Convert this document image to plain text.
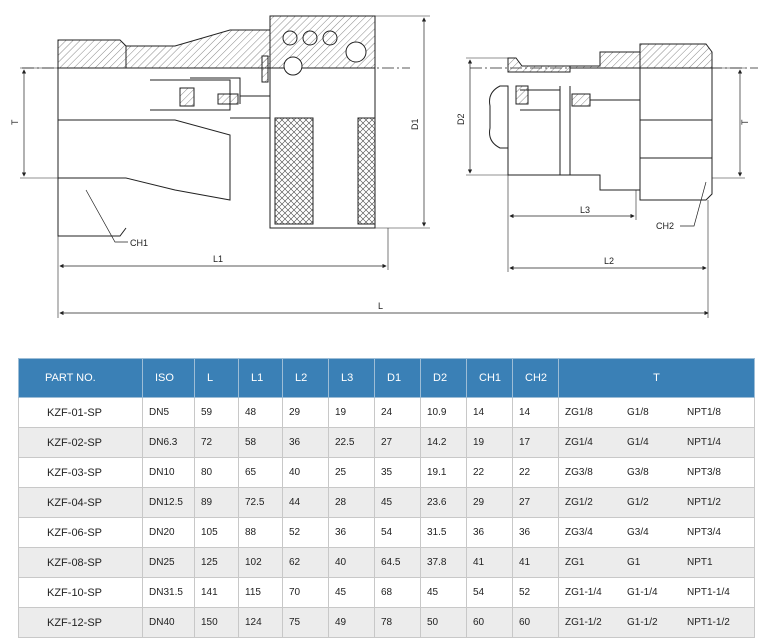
T	D1
CH1
L1
L
D2	T
L3
CH2
L2
PART NO.	ISO	L	L1	L2	L3	D1	D2	CH1	CH2	T
KZF-01-SP	DN5	59	48	29	19	24	10.9	14	14	ZG1/8 G1/8 NPT1/8

KZF-02-SP	DN6.3	72	58	36	22.5	27	14.2	19	17	ZG1/4 G1/4 NPT1/4

KZF-03-SP	DN10	80	65	40	25	35	19.1	22	22	ZG3/8 G3/8 NPT3/8

KZF-04-SP	DN12.5	89	72.5	44	28	45	23.6	29	27	ZG1/2 G1/2 NPT1/2

KZF-06-SP	DN20	105	88	52	36	54	31.5	36	36	ZG3/4 G3/4 NPT3/4

KZF-08-SP	DN25	125	102	62	40	64.5	37.8	41	41	ZG1 G1 NPT1

KZF-10-SP	DN31.5	141	115	70	45	68	45	54	52	ZG1-1/4 G1-1/4 NPT1-1/4

KZF-12-SP	DN40	150	124	75	49	78	50	60	60	ZG1-1/2 G1-1/2 NPT1-1/2
